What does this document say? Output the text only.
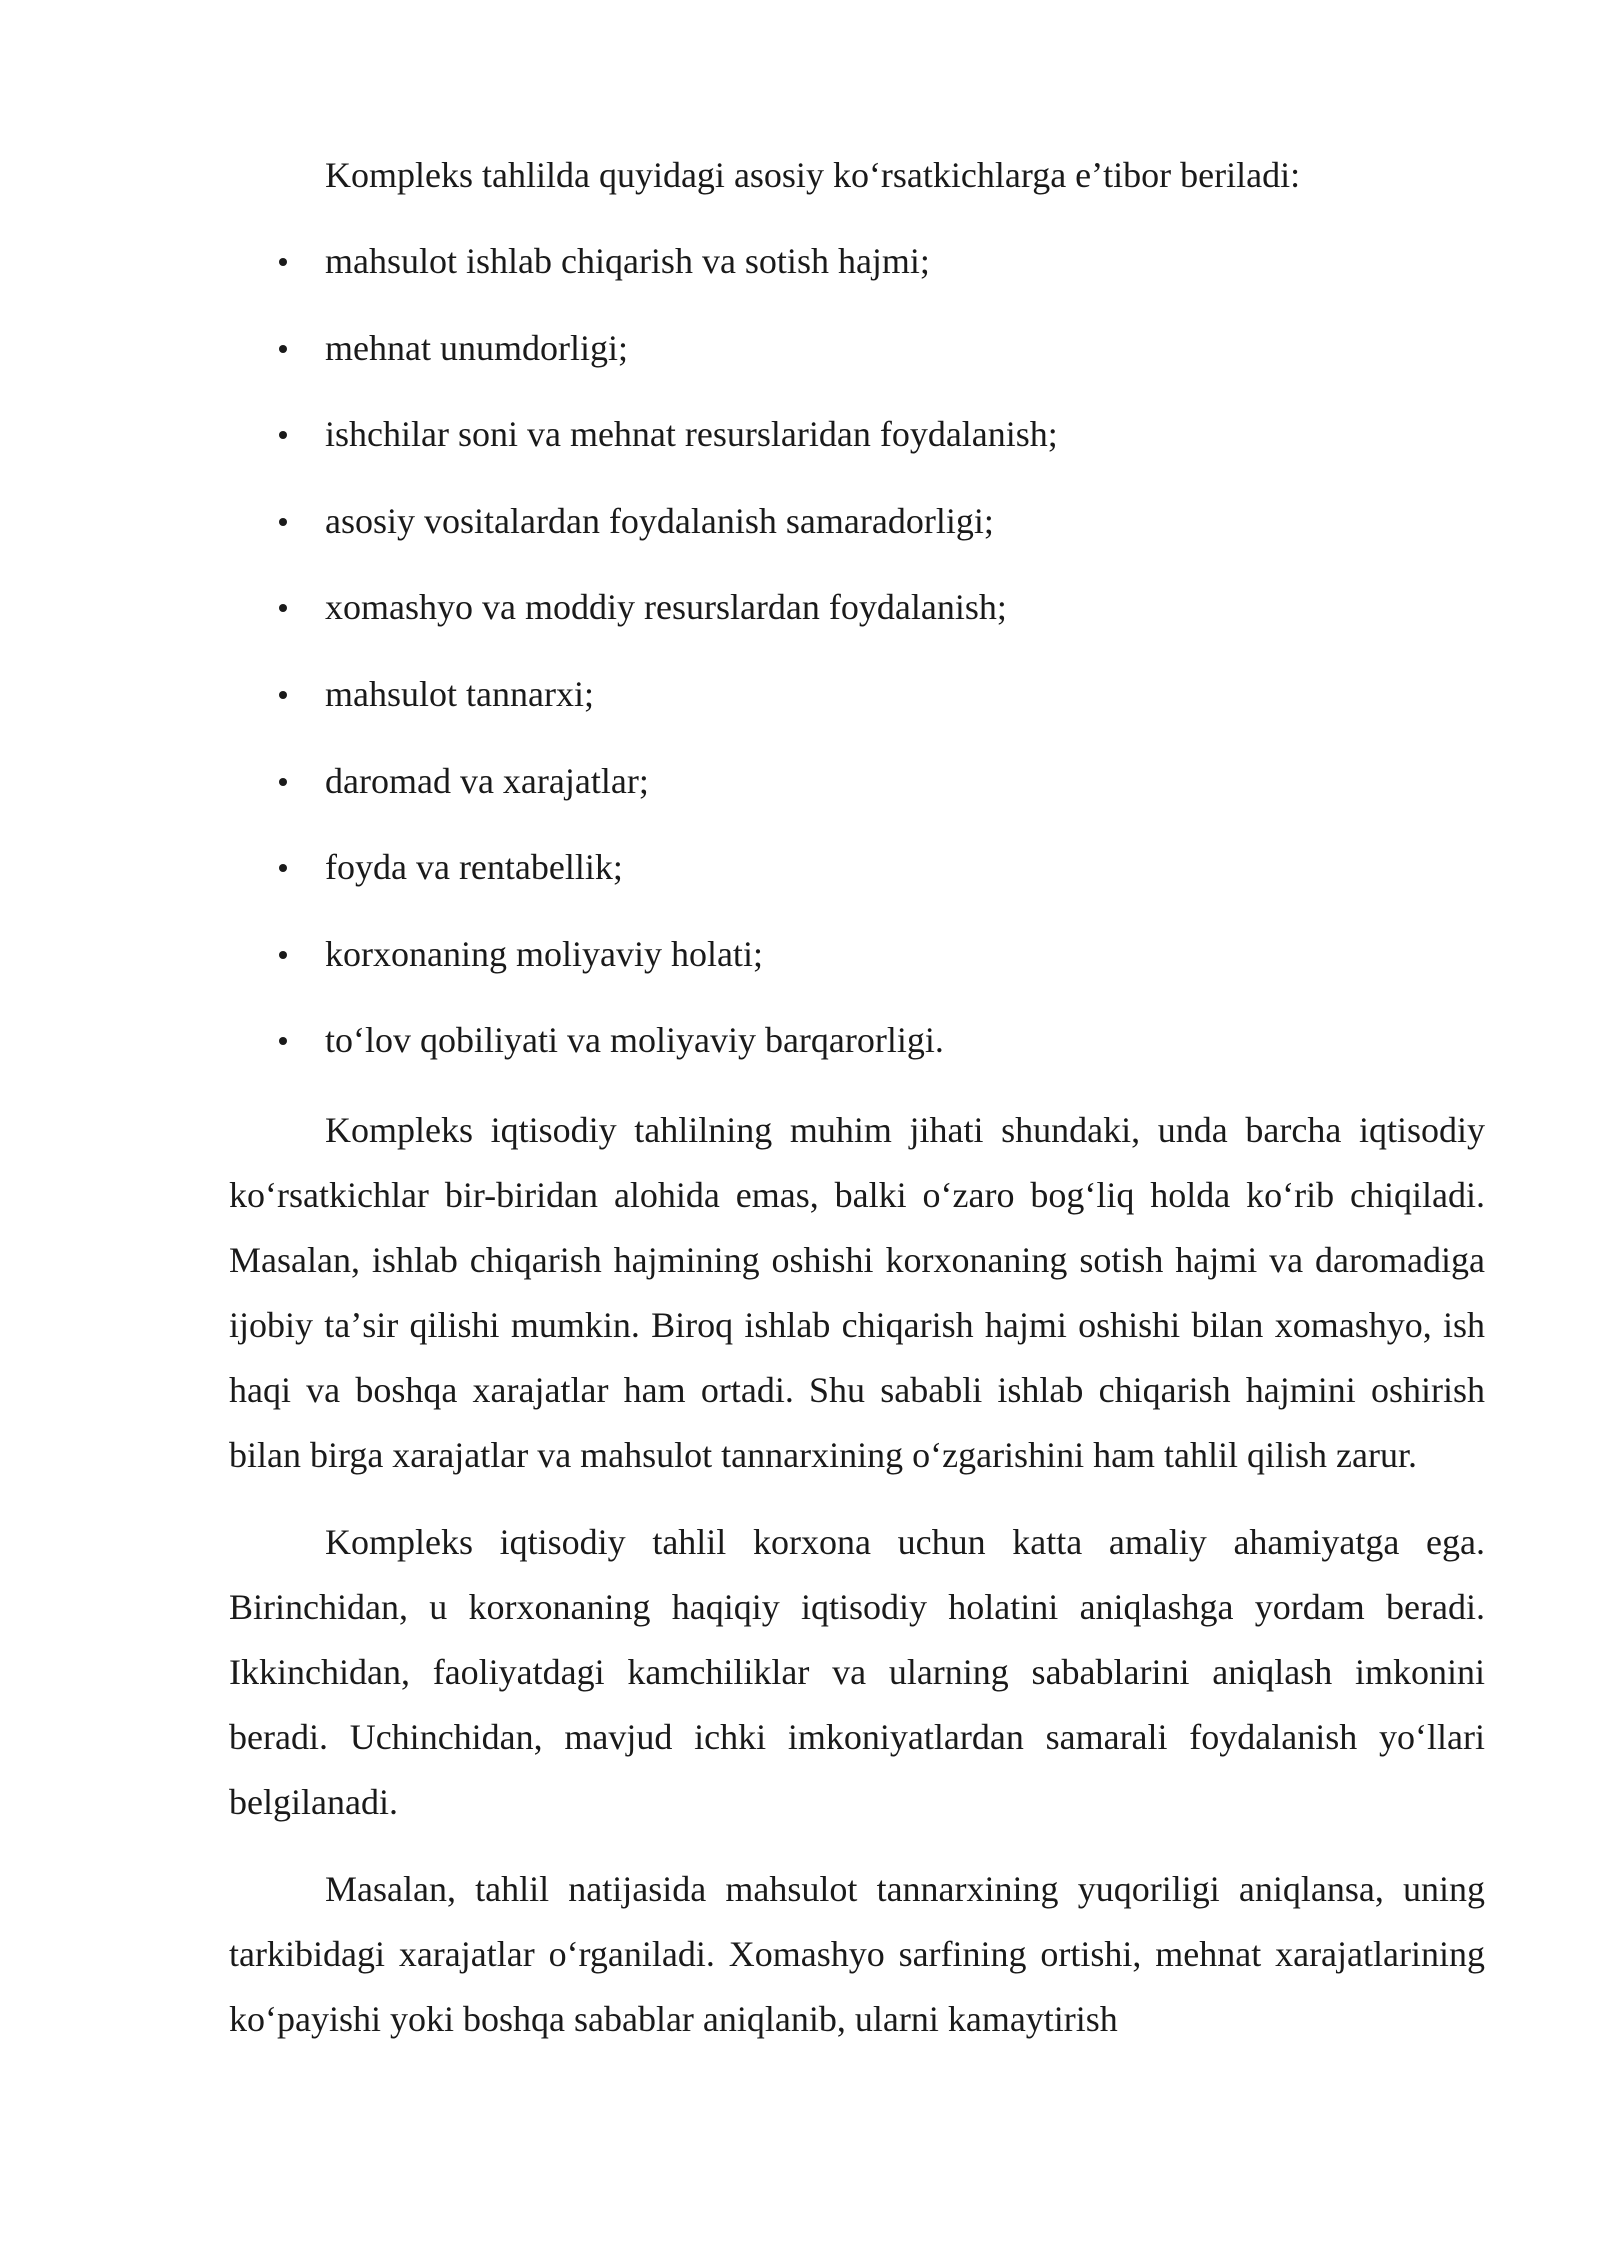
Kompleks tahlilda quyidagi asosiy koʻrsatkichlarga eʼtibor beriladi:

mahsulot ishlab chiqarish va sotish hajmi;
mehnat unumdorligi;
ishchilar soni va mehnat resurslaridan foydalanish;
asosiy vositalardan foydalanish samaradorligi;
xomashyo va moddiy resurslardan foydalanish;
mahsulot tannarxi;
daromad va xarajatlar;
foyda va rentabellik;
korxonaning moliyaviy holati;
toʻlov qobiliyati va moliyaviy barqarorligi.

Kompleks iqtisodiy tahlilning muhim jihati shundaki, unda barcha iqtisodiy koʻrsatkichlar bir-biridan alohida emas, balki oʻzaro bogʻliq holda koʻrib chiqiladi. Masalan, ishlab chiqarish hajmining oshishi korxonaning sotish hajmi va daromadiga ijobiy taʼsir qilishi mumkin. Biroq ishlab chiqarish hajmi oshishi bilan xomashyo, ish haqi va boshqa xarajatlar ham ortadi. Shu sababli ishlab chiqarish hajmini oshirish bilan birga xarajatlar va mahsulot tannarxining oʻzgarishini ham tahlil qilish zarur.

Kompleks iqtisodiy tahlil korxona uchun katta amaliy ahamiyatga ega. Birinchidan, u korxonaning haqiqiy iqtisodiy holatini aniqlashga yordam beradi. Ikkinchidan, faoliyatdagi kamchiliklar va ularning sabablarini aniqlash imkonini beradi. Uchinchidan, mavjud ichki imkoniyatlardan samarali foydalanish yoʻllari belgilanadi.

Masalan, tahlil natijasida mahsulot tannarxining yuqoriligi aniqlansa, uning tarkibidagi xarajatlar oʻrganiladi. Xomashyo sarfining ortishi, mehnat xarajatlarining koʻpayishi yoki boshqa sabablar aniqlanib, ularni kamaytirish
